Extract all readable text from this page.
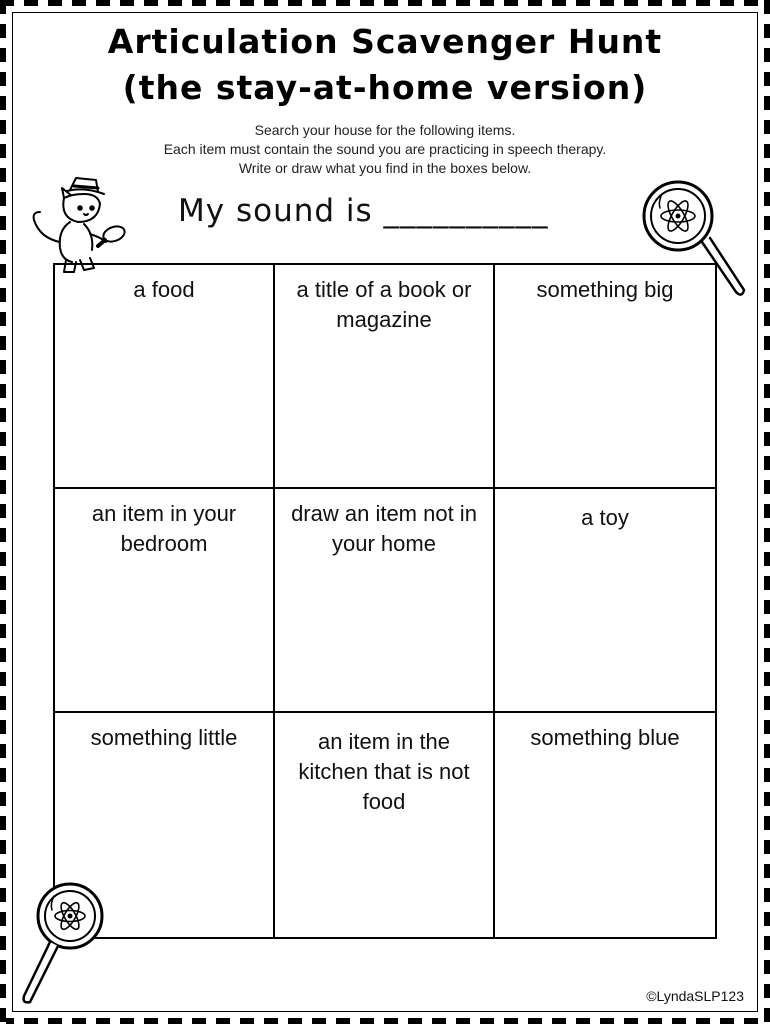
Articulation Scavenger Hunt
(the stay-at-home version)
Search your house for the following items.
Each item must contain the sound you are practicing in speech therapy.
Write or draw what you find in the boxes below.
My sound is __________
a food	a title of a book or magazine
something big
an item in your bedroom
draw an item not in your home
a toy
something little	an item in the kitchen that is not food
something blue
©LyndaSLP123
